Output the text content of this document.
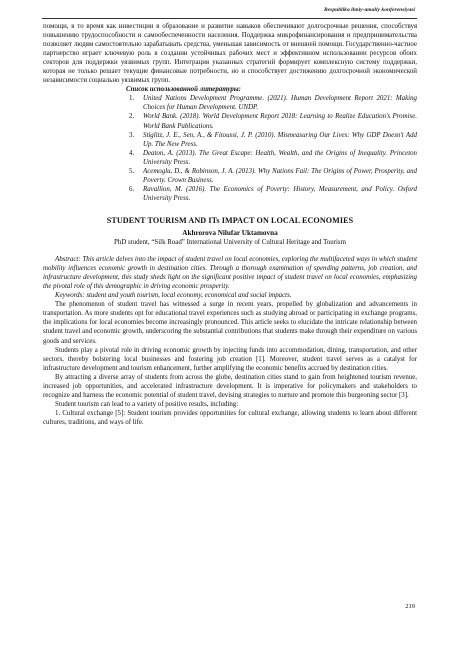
Respublika ilmiy-amaliy konferensiyasi

помощи, в то время как инвестиции в образование и развитие навыков обеспечивают долгосрочные решения, способствуя повышению трудоспособности и самообеспеченности населения. Поддержка микрофинансирования и предпринимательства позволяет людям самостоятельно зарабатывать средства, уменьшая зависимость от внешней помощи. Государственно-частное партнерство играет ключевую роль в создании устойчивых рабочих мест и эффективном использовании ресурсов обоих секторов для поддержки уязвимых групп. Интеграция указанных стратегий формирует комплексную систему поддержки, которая не только решает текущие финансовые потребности, но и способствует достижению долгосрочной экономической независимости социально уязвимых групп.

Список использованной литературы:

1. United Nations Development Programme. (2021). Human Development Report 2021: Making Choices for Human Development. UNDP.
2. World Bank. (2018). World Development Report 2018: Learning to Realize Education's Promise. World Bank Publications.
3. Stiglitz, J. E., Sen, A., & Fitoussi, J. P. (2010). Mismeasuring Our Lives: Why GDP Doesn't Add Up. The New Press.
4. Deaton, A. (2013). The Great Escape: Health, Wealth, and the Origins of Inequality. Princeton University Press.
5. Acemoglu, D., & Robinson, J. A. (2013). Why Nations Fail: The Origins of Power, Prosperity, and Poverty. Crown Business.
6. Ravallion, M. (2016). The Economics of Poverty: History, Measurement, and Policy. Oxford University Press.
STUDENT TOURISM AND ITs IMPACT ON LOCAL ECONOMIES
Akhrorova Nilufar Uktamovna
PhD student, “Silk Road” International University of Cultural Heritage and Tourism

Abstract: This article delves into the impact of student travel on local economies, exploring the multifaceted ways in which student mobility influences economic growth in destination cities. Through a thorough examination of spending patterns, job creation, and infrastructure development, this study sheds light on the significant positive impact of student travel on local economies, emphasizing the pivotal role of this demographic in driving economic prosperity.

Keywords: student and youth tourism, local economy, economical and social impacts.

The phenomenon of student travel has witnessed a surge in recent years, propelled by globalization and advancements in transportation. As more students opt for educational travel experiences such as studying abroad or participating in exchange programs, the implications for local economies become increasingly pronounced. This article seeks to elucidate the intricate relationship between student travel and economic growth, underscoring the substantial contributions that students make through their expenditure on various goods and services.

Students play a pivotal role in driving economic growth by injecting funds into accommodation, dining, transportation, and other sectors, thereby bolstering local businesses and fostering job creation [1]. Moreover, student travel serves as a catalyst for infrastructure development and tourism enhancement, further amplifying the economic benefits accrued by destination cities.

By attracting a diverse array of students from across the globe, destination cities stand to gain from heightened tourism revenue, increased job opportunities, and accelerated infrastructure development. It is imperative for policymakers and stakeholders to recognize and harness the economic potential of student travel, devising strategies to nurture and promote this burgeoning sector [3].

Student tourism can lead to a variety of positive results, including:

1. Cultural exchange [5]: Student tourism provides opportunities for cultural exchange, allowing students to learn about different cultures, traditions, and ways of life.

219
